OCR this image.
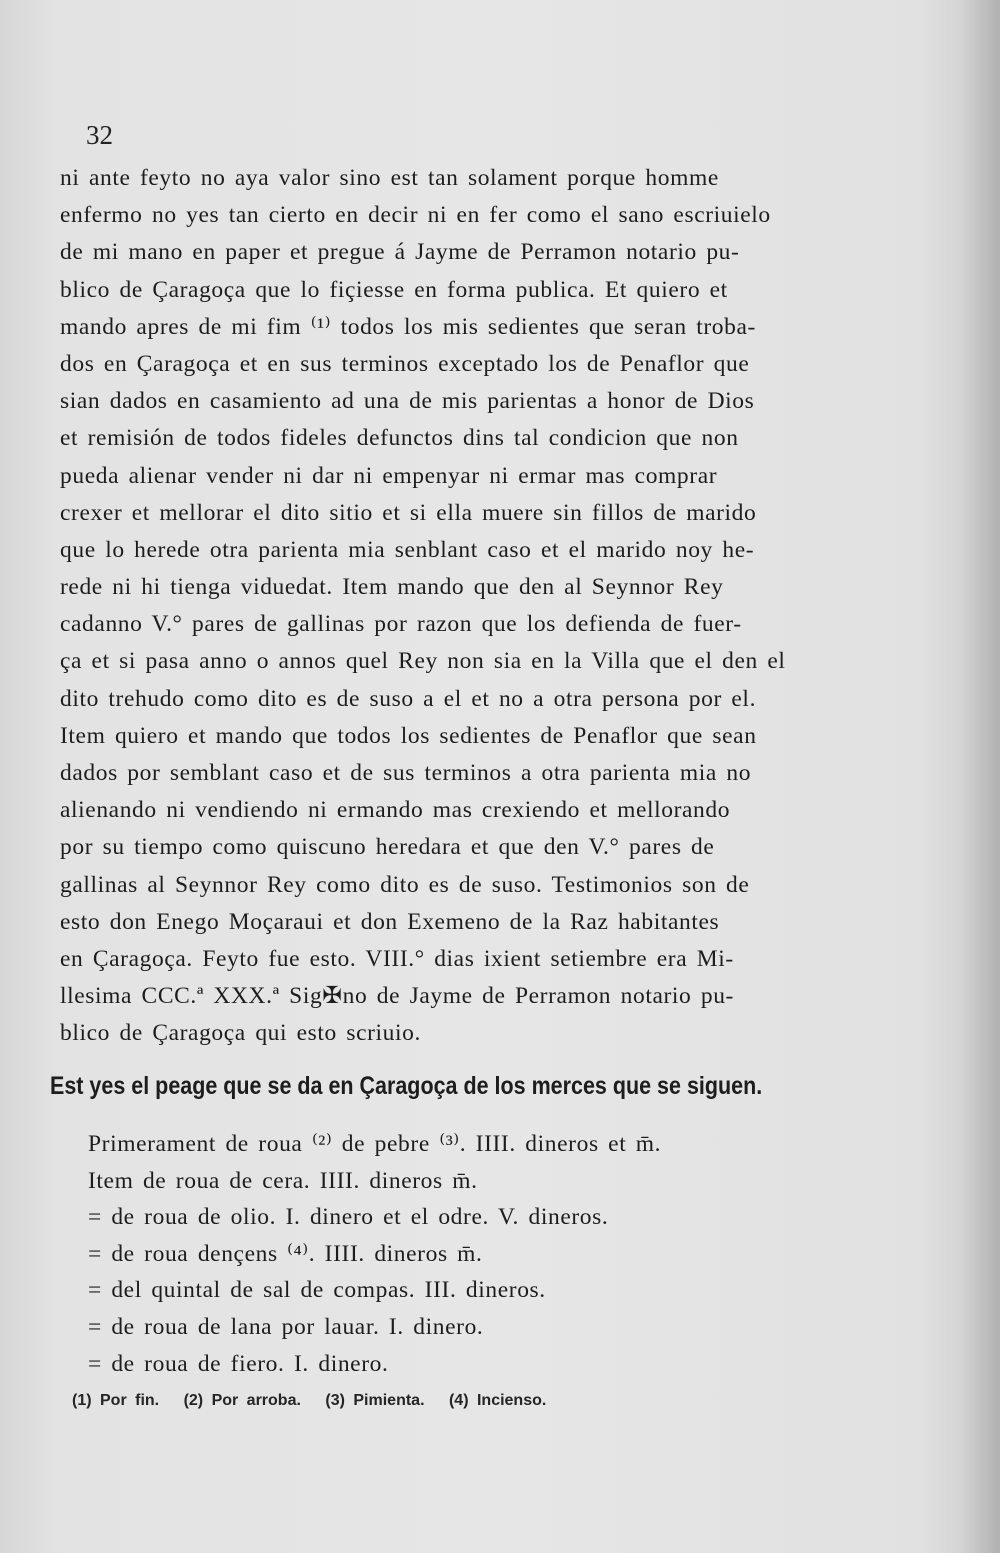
32
ni ante feyto no aya valor sino est tan solament porque homme
enfermo no yes tan cierto en decir ni en fer como el sano escriuielo
de mi mano en paper et pregue á Jayme de Perramon notario pu-
blico de Çaragoça que lo fiçiesse en forma publica. Et quiero et
mando apres de mi fim ⁽¹⁾ todos los mis sedientes que seran troba-
dos en Çaragoça et en sus terminos exceptado los de Penaflor que
sian dados en casamiento ad una de mis parientas a honor de Dios
et remisión de todos fideles defunctos dins tal condicion que non
pueda alienar vender ni dar ni empenyar ni ermar mas comprar
crexer et mellorar el dito sitio et si ella muere sin fillos de marido
que lo herede otra parienta mia senblant caso et el marido noy he-
rede ni hi tienga viduedat. Item mando que den al Seynnor Rey
cadanno V.° pares de gallinas por razon que los defienda de fuer-
ça et si pasa anno o annos quel Rey non sia en la Villa que el den el
dito trehudo como dito es de suso a el et no a otra persona por el.
Item quiero et mando que todos los sedientes de Penaflor que sean
dados por semblant caso et de sus terminos a otra parienta mia no
alienando ni vendiendo ni ermando mas crexiendo et mellorando
por su tiempo como quiscuno heredara et que den V.° pares de
gallinas al Seynnor Rey como dito es de suso. Testimonios son de
esto don Enego Moçaraui et don Exemeno de la Raz habitantes
en Çaragoça. Feyto fue esto. VIII.° dias ixient setiembre era Mi-
llesima CCC.ª XXX.ª Sig✠no de Jayme de Perramon notario pu-
blico de Çaragoça qui esto scriuio.
Est yes el peage que se da en Çaragoça de los merces que se siguen.
Primerament de roua ⁽²⁾ de pebre ⁽³⁾. IIII. dineros et m̄.
Item de roua de cera. IIII. dineros m̄.
= de roua de olio. I. dinero et el odre. V. dineros.
= de roua dençens ⁽⁴⁾. IIII. dineros m̄.
= del quintal de sal de compas. III. dineros.
= de roua de lana por lauar. I. dinero.
= de roua de fiero. I. dinero.
(1) Por fin. (2) Por arroba. (3) Pimienta. (4) Incienso.
